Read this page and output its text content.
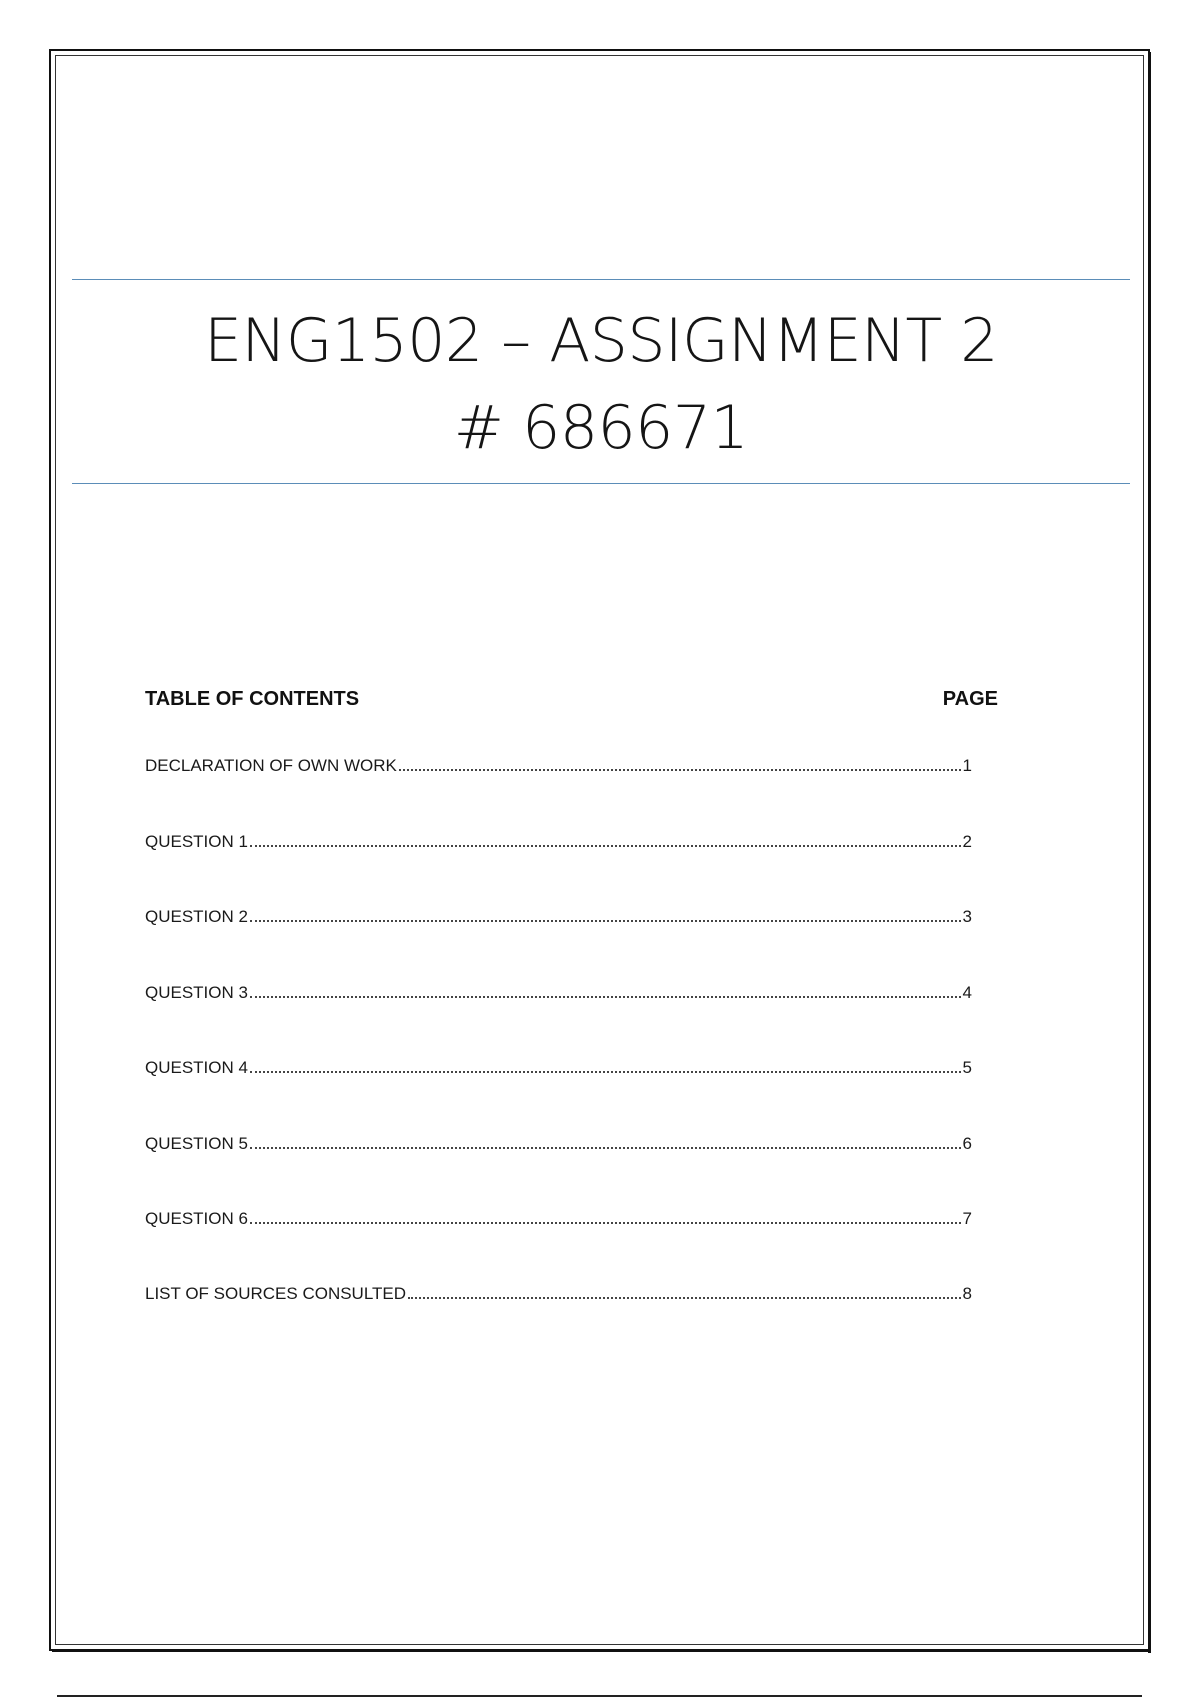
ENG1502 – ASSIGNMENT 2
# 686671
TABLE OF CONTENTS	PAGE
DECLARATION OF OWN WORK	1
QUESTION 1	2
QUESTION 2	3
QUESTION 3	4
QUESTION 4	5
QUESTION 5	6
QUESTION 6	7
LIST OF SOURCES CONSULTED	8
